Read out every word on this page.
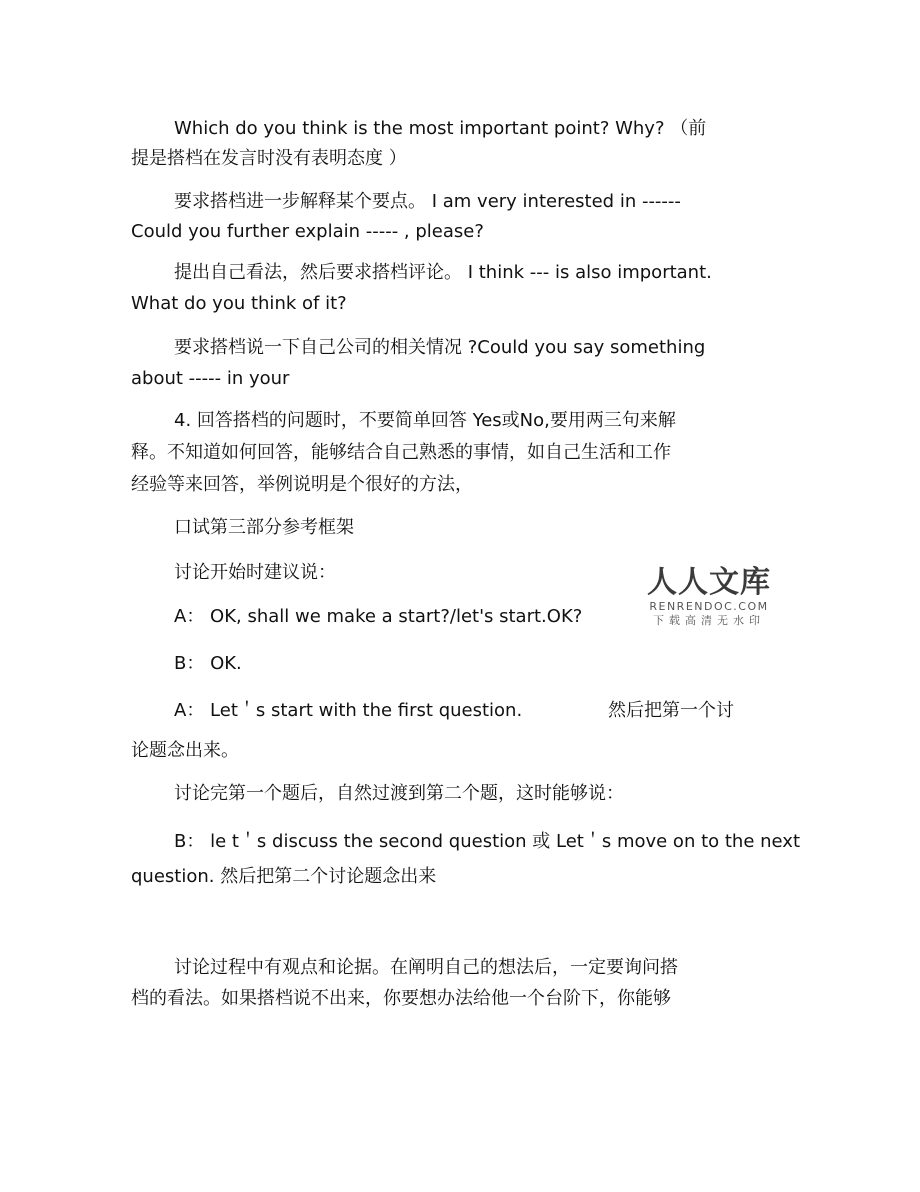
Which do you think is the most important point? Why? （前
提是搭档在发言时没有表明态度 ）
要求搭档进一步解释某个要点。 I am very interested in ------
Could you further explain ----- , please?
提出自己看法，然后要求搭档评论。 I think --- is also important.
What do you think of it?
要求搭档说一下自己公司的相关情况 ?Could you say something
about ----- in your
4. 回答搭档的问题时，不要简单回答 Yes或No,要用两三句来解
释。不知道如何回答，能够结合自己熟悉的事情，如自己生活和工作
经验等来回答，举例说明是个很好的方法，
口试第三部分参考框架
讨论开始时建议说：
A： OK, shall we make a start?/let's start.OK?
B： OK.
A： Let＇s start with the first question.	然后把第一个讨
论题念出来。
讨论完第一个题后，自然过渡到第二个题，这时能够说：
B： le t＇s discuss the second question 或 Let＇s move on to the next
question. 然后把第二个讨论题念出来
讨论过程中有观点和论据。在阐明自己的想法后，一定要询问搭
档的看法。如果搭档说不出来，你要想办法给他一个台阶下，你能够
人人文库
RENRENDOC.COM
下载高清无水印
